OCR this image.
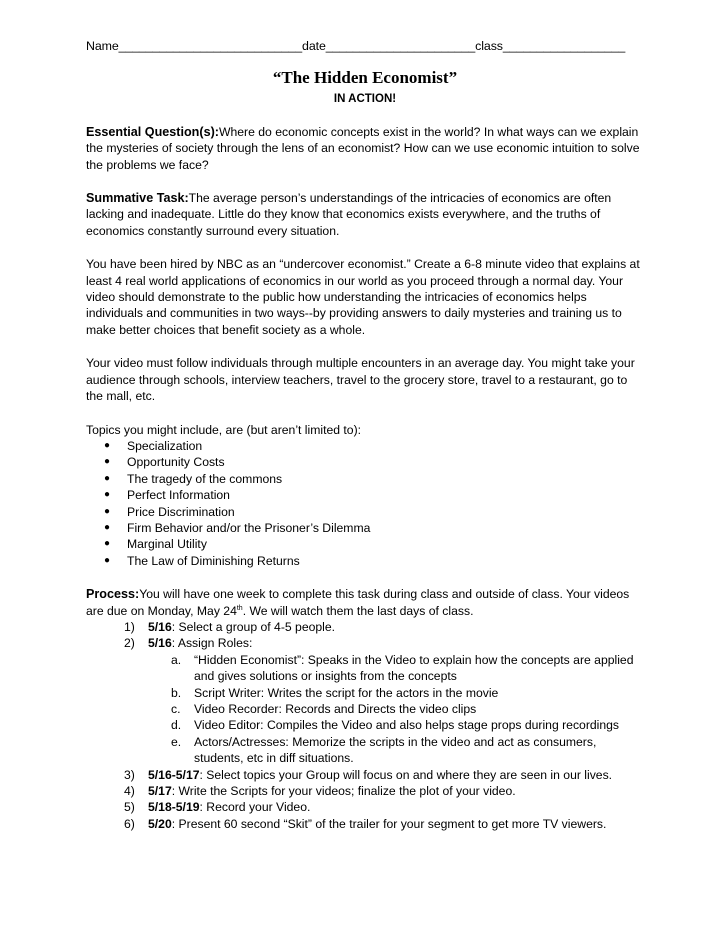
Name___________________________date______________________class__________________
“The Hidden Economist”
IN ACTION!

Essential Question(s):Where do economic concepts exist in the world? In what ways can we explain the mysteries of society through the lens of an economist? How can we use economic intuition to solve the problems we face?

Summative Task:The average person’s understandings of the intricacies of economics are often lacking and inadequate. Little do they know that economics exists everywhere, and the truths of economics constantly surround every situation.

You have been hired by NBC as an “undercover economist.” Create a 6-8 minute video that explains at least 4 real world applications of economics in our world as you proceed through a normal day. Your video should demonstrate to the public how understanding the intricacies of economics helps individuals and communities in two ways--by providing answers to daily mysteries and training us to make better choices that benefit society as a whole.

Your video must follow individuals through multiple encounters in an average day. You might take your audience through schools, interview teachers, travel to the grocery store, travel to a restaurant, go to the mall, etc.

Topics you might include, are (but aren’t limited to):

● Specialization
● Opportunity Costs
● The tragedy of the commons
● Perfect Information
● Price Discrimination
● Firm Behavior and/or the Prisoner’s Dilemma
● Marginal Utility
● The Law of Diminishing Returns

Process:You will have one week to complete this task during class and outside of class. Your videos are due on Monday, May 24th. We will watch them the last days of class.

1) 5/16: Select a group of 4-5 people.
2) 5/16: Assign Roles:
a. “Hidden Economist”: Speaks in the Video to explain how the concepts are applied and gives solutions or insights from the concepts
b. Script Writer: Writes the script for the actors in the movie
c. Video Recorder: Records and Directs the video clips
d. Video Editor: Compiles the Video and also helps stage props during recordings
e. Actors/Actresses: Memorize the scripts in the video and act as consumers, students, etc in diff situations.
3) 5/16-5/17: Select topics your Group will focus on and where they are seen in our lives.
4) 5/17: Write the Scripts for your videos; finalize the plot of your video.
5) 5/18-5/19: Record your Video.
6) 5/20: Present 60 second “Skit” of the trailer for your segment to get more TV viewers.
